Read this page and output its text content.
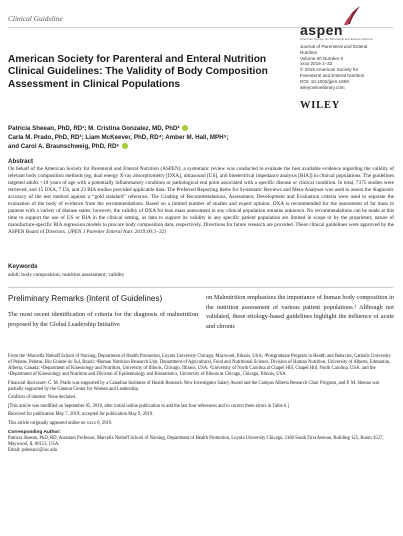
Clinical Guideline
aspen
American Society for Parenteral and Enteral Nutrition
Journal of Parenteral and Enteral
Nutrition
Volume 00 Number 0
xxxx 2019 1–32
© 2019 American Society for
Parenteral and Enteral Nutrition
DOI: 10.1002/jpen.1669
wileyonlinelibrary.com
WILEY
American Society for Parenteral and Enteral Nutrition Clinical Guidelines: The Validity of Body Composition Assessment in Clinical Populations
Patricia Sheean, PhD, RD¹; M. Cristina Gonzalez, MD, PhD²
Carla M. Prado, PhD, RD³; Liam McKeever, PhD, RD⁴; Amber M. Hall, MPH⁵;
and Carol A. Braunschweig, PhD, RD⁶
Abstract

On behalf of the American Society for Parenteral and Enteral Nutrition (ASPEN), a systematic review was conducted to evaluate the best available evidence regarding the validity of relevant body composition methods (eg, dual energy X-ray absorptiometry [DXA], ultrasound [US], and bioelectrical impedance analysis [BIA]) in clinical populations. The guidelines targeted adults >18 years of age with a potentially inflammatory condition or pathological end point associated with a specific disease or clinical condition. In total, 7375 studies were retrieved, and 15 DXA, 7 US, and 23 BIA studies provided applicable data. The Preferred Reporting Items for Systematic Reviews and Meta-Analyses was used to assess the diagnostic accuracy of the test method against a “gold standard” reference. The Grading of Recommendations, Assessment, Development and Evaluation criteria were used to separate the evaluation of the body of evidence from the recommendations. Based on a limited number of studies and expert opinion, DXA is recommended for the assessment of fat mass in patients with a variety of disease states; however, the validity of DXA for lean mass assessment in any clinical population remains unknown. No recommendations can be made at this time to support the use of US or BIA in the clinical setting, as data to support its validity in any specific patient population are limited in scope or by the proprietary nature of manufacture-specific BIA regression models to procure body composition data, respectively. Directions for future research are provided. These clinical guidelines were approved by the ASPEN Board of Directors. (JPEN J Parenter Enteral Nutr. 2019;00:1–32)

Keywords
adult; body composition; nutrition assessment; validity
Preliminary Remarks (Intent of Guidelines)

The most recent identification of criteria for the diagnosis of malnutrition proposed by the Global Leadership Initiative

on Malnutrition emphasizes the importance of human body composition in the nutrition assessment of various patient populations.¹ Although not validated, these etiology-based guidelines highlight the influence of acute and chronic

From the ¹Marcella Niehoff School of Nursing, Department of Health Promotion, Loyola University Chicago, Maywood, Illinois, USA; ²Postgraduate Program in Health and Behavior, Catholic University of Pelotas, Pelotas, Rio Grande do Sul, Brazil; ³Human Nutrition Research Unit, Department of Agricultural, Food and Nutritional Science, Division of Human Nutrition, University of Alberta, Edmonton, Alberta, Canada; ⁴Department of Kinesiology and Nutrition, University of Illinois, Chicago, Illinois, USA; ⁵University of North Carolina at Chapel Hill, Chapel Hill, North Carolina, USA; and the ⁶Department of Kinesiology and Nutrition and Division of Epidemiology and Biostatistics, University of Illinois at Chicago, Chicago, Illinois, USA.

Financial disclosure: C. M. Prado was supported by a Canadian Institutes of Health Research New Investigator Salary Award and the Campus Alberta Research Chair Program, and P. M. Sheean was partially supported by the Gannon Center for Women and Leadership.

Conflicts of interest: None declared.

[This article was modified on September 05, 2019, after initial online publication to add the last four references and to correct three errors in Table 6.]

Received for publication May 7, 2019; accepted for publication May 9, 2019.

This article originally appeared online on xxxx 0, 2019.

Corresponding Author:

Patricia Sheean, PhD, RD, Assistant Professor, Marcella Niehoff School of Nursing, Department of Health Promotion, Loyola University Chicago, 2160 South First Avenue, Building 125, Room 4527, Maywood, IL 60153, USA.

Email: psheean1@luc.edu
